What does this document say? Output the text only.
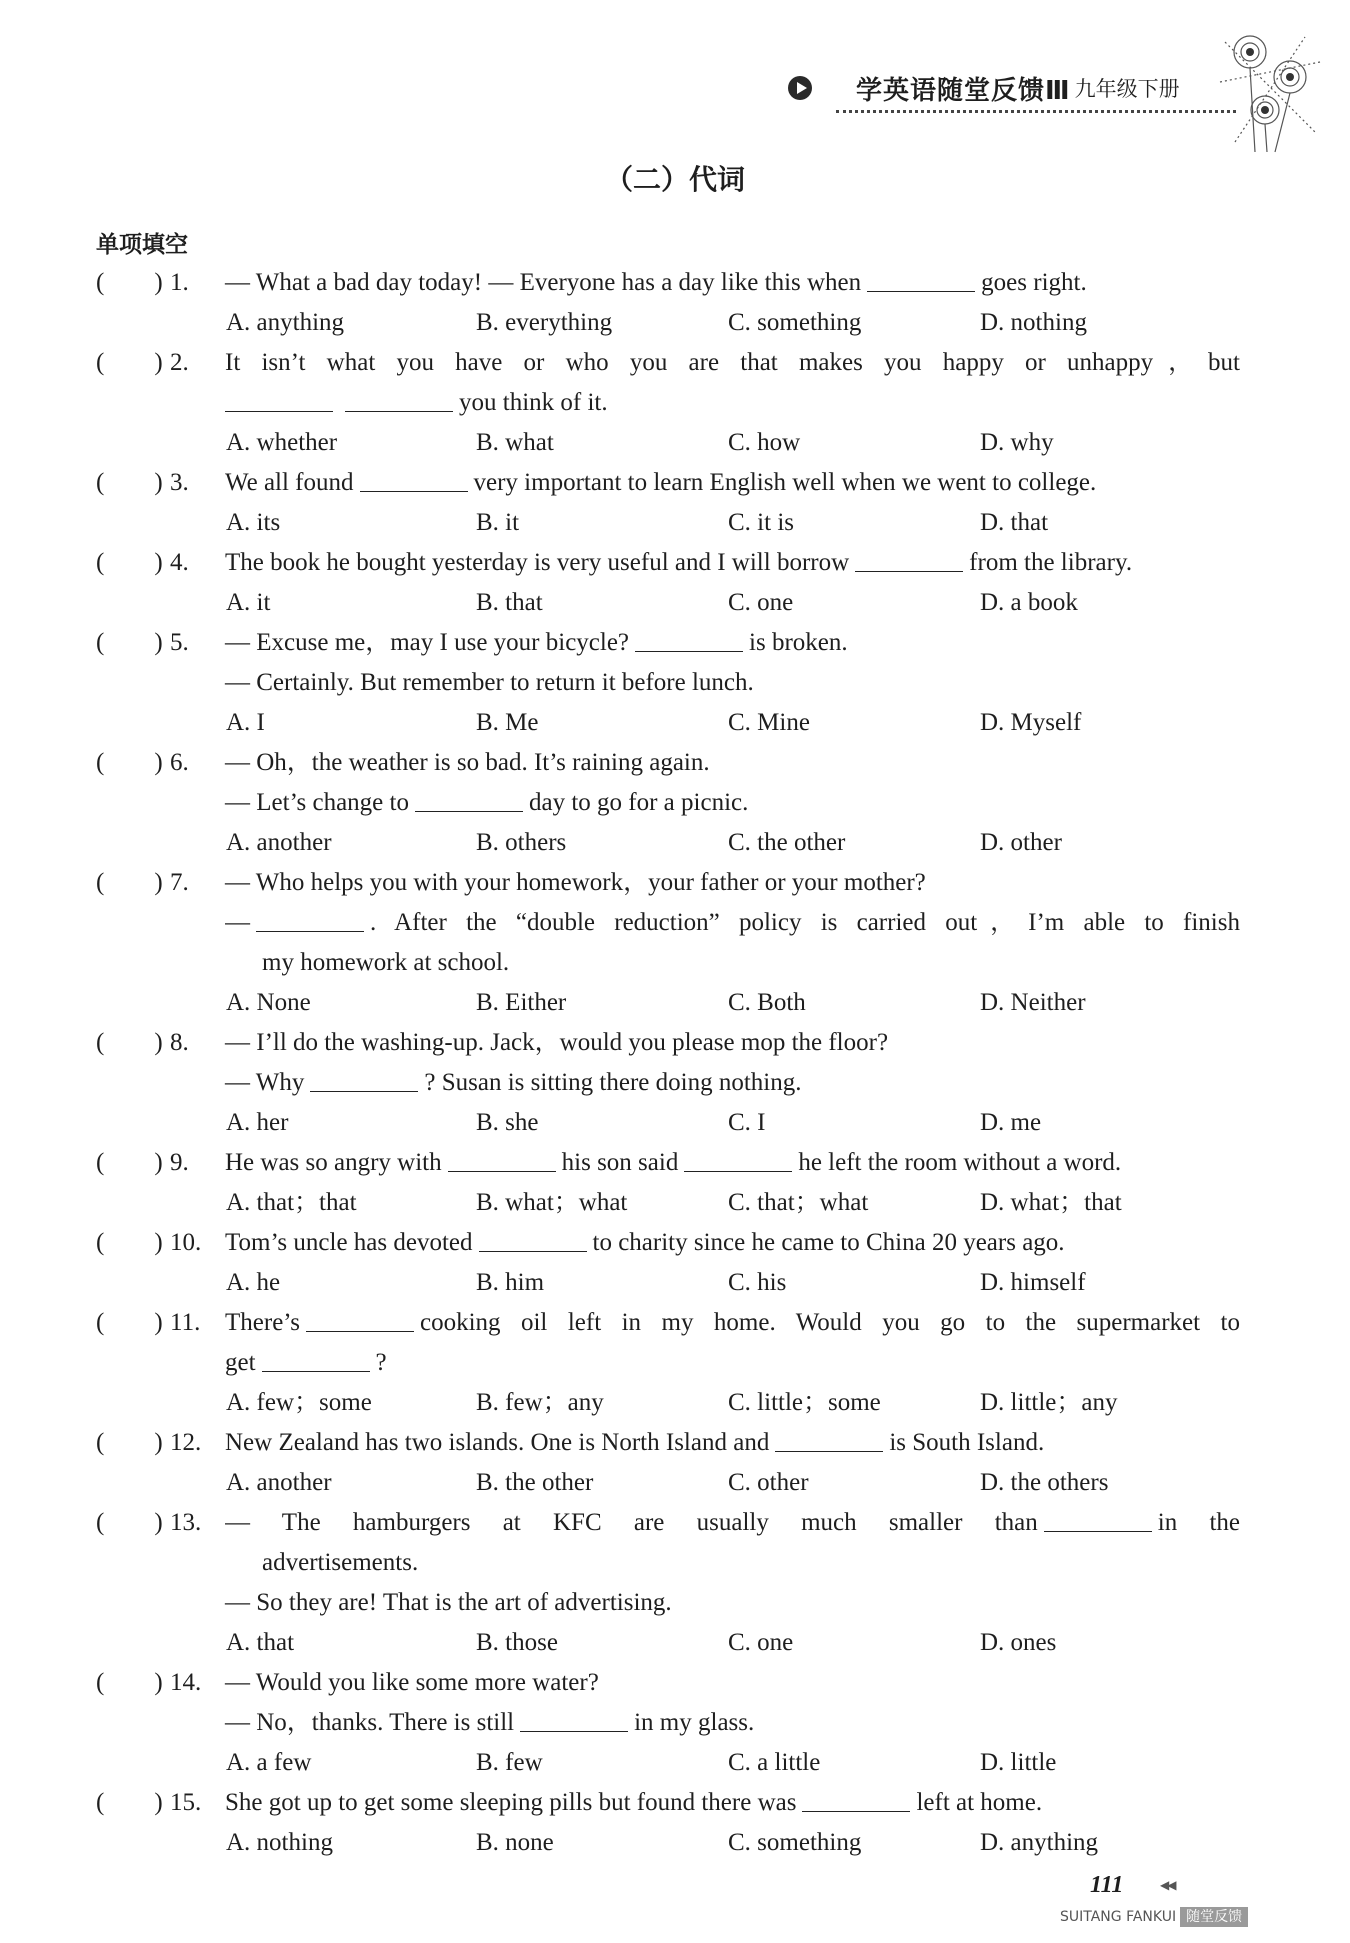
学英语随堂反馈Ⅲ 九年级下册
（二）代词
单项填空
(        ) 1. — What a bad day today! — Everyone has a day like this when	goes right.
A. anything	B. everything	C. something	D. nothing
(        ) 2. It isn’t what you have or who you are that makes you happy or unhappy，but
you think of it.
A. whether	B. what	C. how	D. why
(        ) 3. We all found	very important to learn English well when we went to college.
A. its	B. it	C. it is	D. that
(        ) 4. The book he bought yesterday is very useful and I will borrow	from the library.
A. it	B. that	C. one	D. a book
(        ) 5. — Excuse me，may I use your bicycle?	is broken.
— Certainly. But remember to return it before lunch.
A. I	B. Me	C. Mine	D. Myself
(        ) 6. — Oh，the weather is so bad. It’s raining again.
— Let’s change to	day to go for a picnic.
A. another	B. others	C. the other	D. other
(        ) 7. — Who helps you with your homework，your father or your mother?
—	. After the “double reduction” policy is carried out，I’m able to finish
my homework at school.
A. None	B. Either	C. Both	D. Neither
(        ) 8. — I’ll do the washing-up. Jack，would you please mop the floor?
— Why	? Susan is sitting there doing nothing.
A. her	B. she	C. I	D. me
(        ) 9. He was so angry with	his son said	he left the room without a word.
A. that；that	B. what；what	C. that；what	D. what；that
(        ) 10. Tom’s uncle has devoted	to charity since he came to China 20 years ago.
A. he	B. him	C. his	D. himself
(        ) 11. There’s	cooking oil left in my home. Would you go to the supermarket to
get	?
A. few；some	B. few；any	C. little；some	D. little；any
(        ) 12. New Zealand has two islands. One is North Island and	is South Island.
A. another	B. the other	C. other	D. the others
(        ) 13. — The hamburgers at KFC are usually much smaller than	in the
advertisements.
— So they are! That is the art of advertising.
A. that	B. those	C. one	D. ones
(        ) 14. — Would you like some more water?
— No，thanks. There is still	in my glass.
A. a few	B. few	C. a little	D. little
(        ) 15. She got up to get some sleeping pills but found there was	left at home.
A. nothing	B. none	C. something	D. anything
111	◀◀
SUITANG FANKUI 随堂反馈
